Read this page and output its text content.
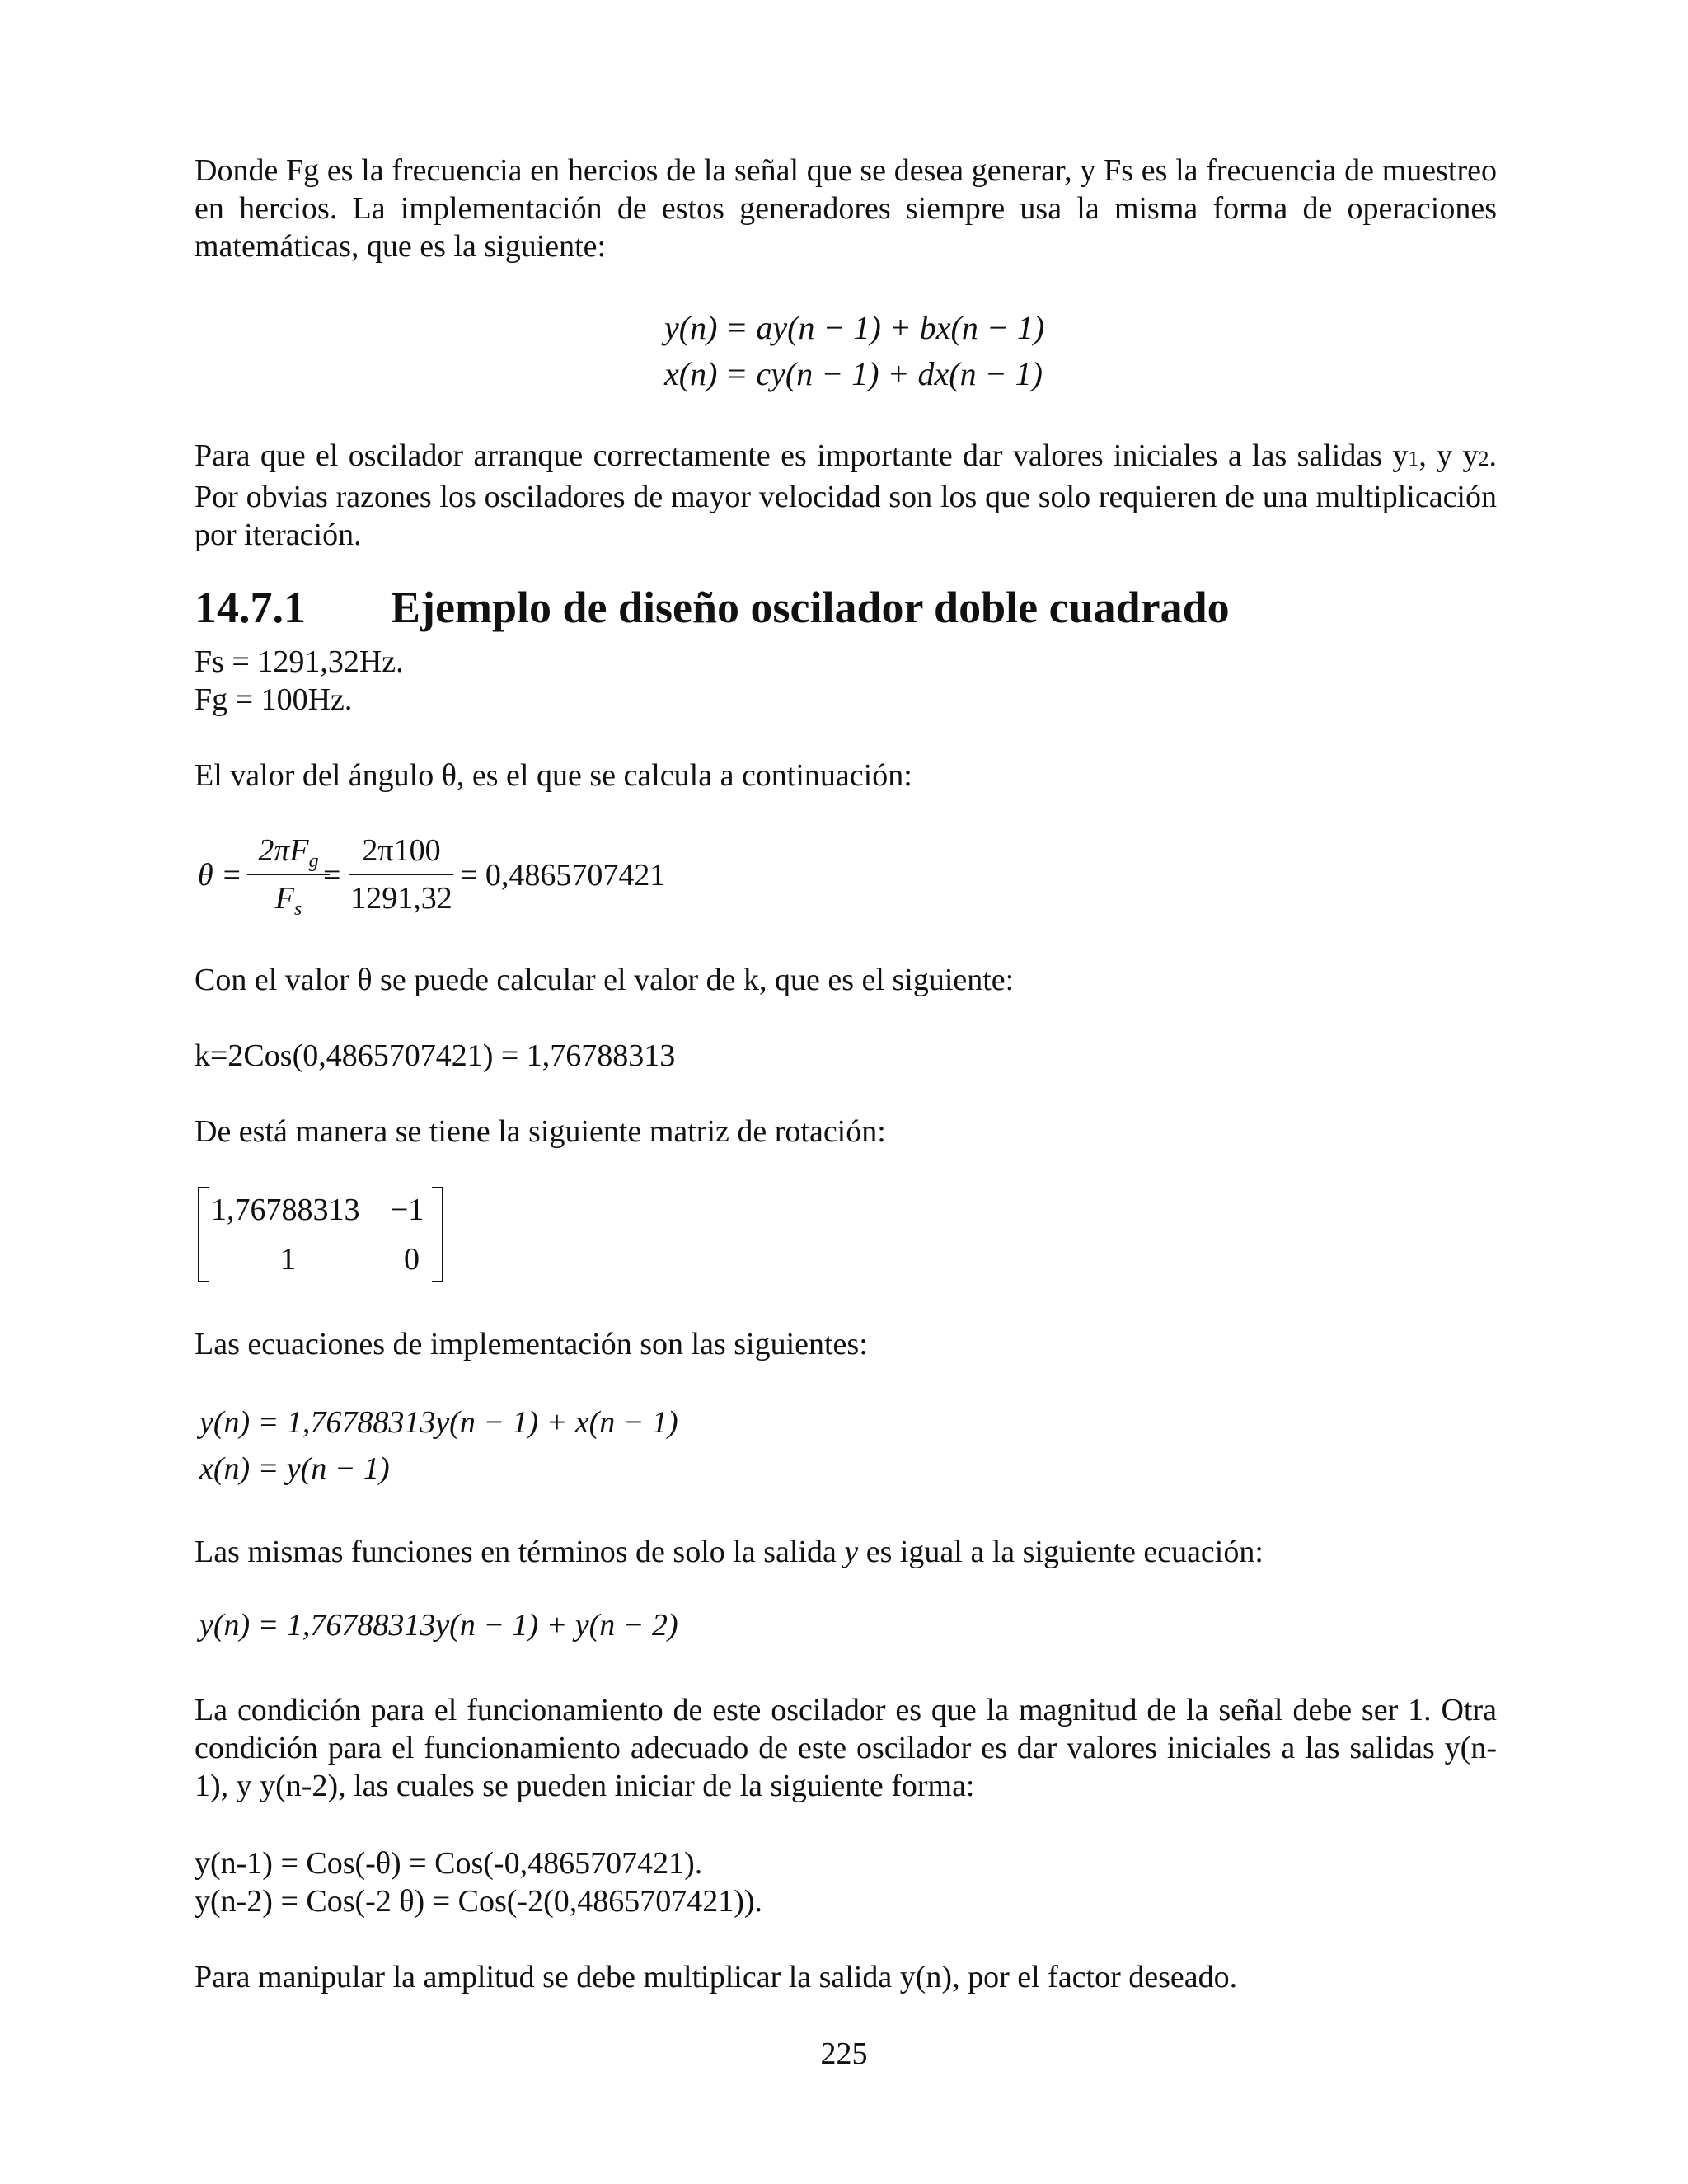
Donde Fg es la frecuencia en hercios de la señal que se desea generar, y Fs es la frecuencia de muestreo en hercios. La implementación de estos generadores siempre usa la misma forma de operaciones matemáticas, que es la siguiente:

y(n) = ay(n − 1) + bx(n − 1)
x(n) = cy(n − 1) + dx(n − 1)

Para que el oscilador arranque correctamente es importante dar valores iniciales a las salidas y1, y y2. Por obvias razones los osciladores de mayor velocidad son los que solo requieren de una multiplicación por iteración.

14.7.1 Ejemplo de diseño oscilador doble cuadrado
Fs = 1291,32Hz.
Fg = 100Hz.
El valor del ángulo θ, es el que se calcula a continuación:
θ =
$2\pi F_g$
$F_s$
=
2π100
1291,32
= 0,4865707421
Con el valor θ se puede calcular el valor de k, que es el siguiente:
k=2Cos(0,4865707421) = 1,76788313
De está manera se tiene la siguiente matriz de rotación:
1,76788313 −1
1	0
Las ecuaciones de implementación son las siguientes:
y(n) = 1,76788313y(n − 1) + x(n − 1)
x(n) = y(n − 1)
Las mismas funciones en términos de solo la salida y es igual a la siguiente ecuación:
y(n) = 1,76788313y(n − 1) + y(n − 2)

La condición para el funcionamiento de este oscilador es que la magnitud de la señal debe ser 1. Otra condición para el funcionamiento adecuado de este oscilador es dar valores iniciales a las salidas y(n-1), y y(n-2), las cuales se pueden iniciar de la siguiente forma:

y(n-1) = Cos(-θ) = Cos(-0,4865707421).
y(n-2) = Cos(-2 θ) = Cos(-2(0,4865707421)).
Para manipular la amplitud se debe multiplicar la salida y(n), por el factor deseado.
225
